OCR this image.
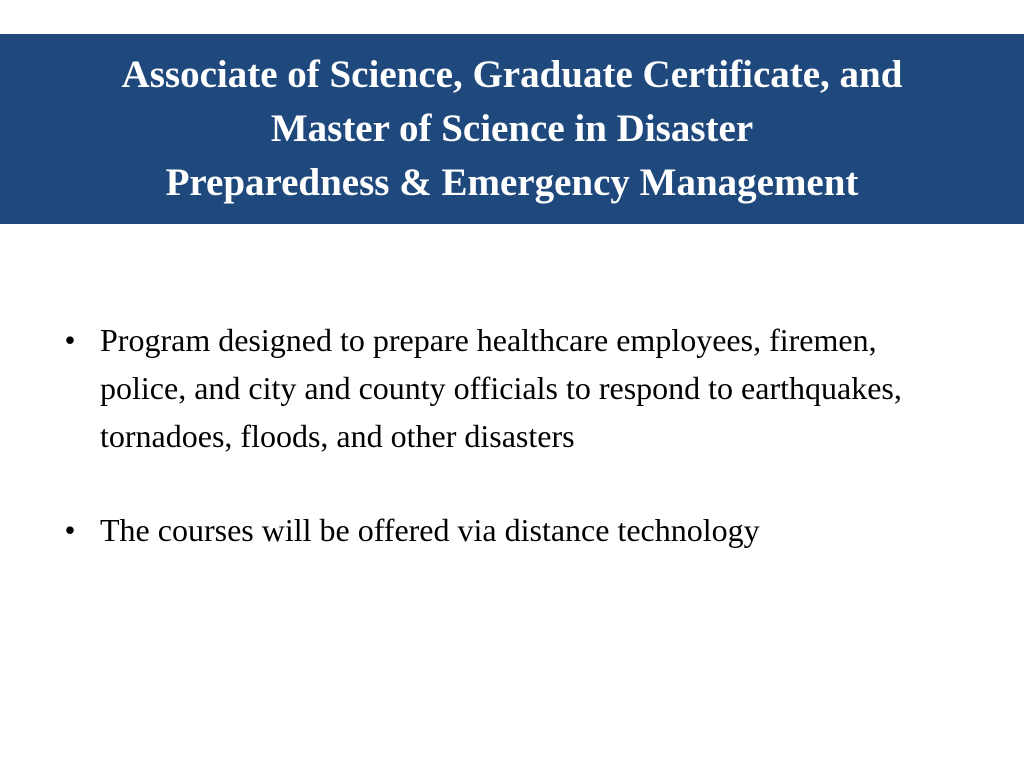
Associate of Science, Graduate Certificate, and
Master of Science in Disaster
Preparedness & Emergency Management
• Program designed to prepare healthcare employees, firemen, police, and city and county officials to respond to earthquakes, tornadoes, floods, and other disasters
• The courses will be offered via distance technology
